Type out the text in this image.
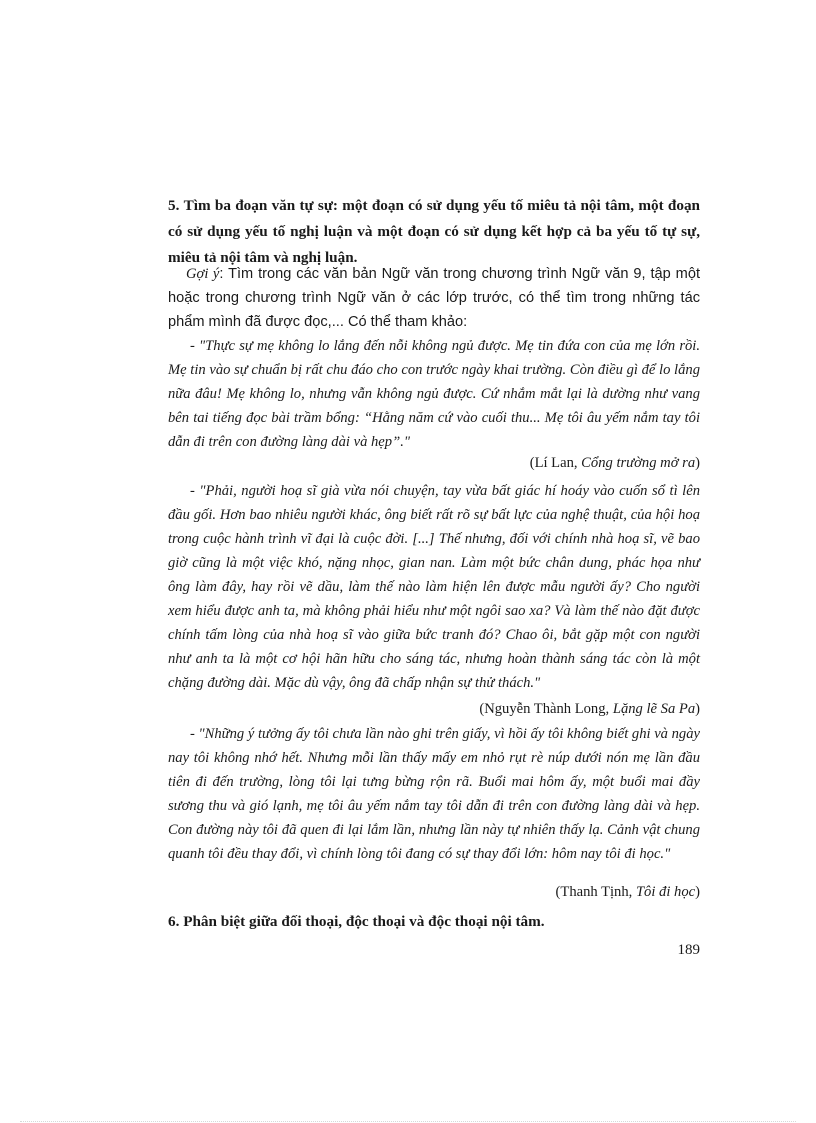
5. Tìm ba đoạn văn tự sự: một đoạn có sử dụng yếu tố miêu tả nội tâm, một đoạn có sử dụng yếu tố nghị luận và một đoạn có sử dụng kết hợp cả ba yếu tố tự sự, miêu tả nội tâm và nghị luận.

Gợi ý: Tìm trong các văn bản Ngữ văn trong chương trình Ngữ văn 9, tập một hoặc trong chương trình Ngữ văn ở các lớp trước, có thể tìm trong những tác phẩm mình đã được đọc,... Có thể tham khảo:

- "Thực sự mẹ không lo lắng đến nỗi không ngủ được. Mẹ tin đứa con của mẹ lớn rồi. Mẹ tin vào sự chuẩn bị rất chu đáo cho con trước ngày khai trường. Còn điều gì để lo lắng nữa đâu! Mẹ không lo, nhưng vẫn không ngủ được. Cứ nhắm mắt lại là dường như vang bên tai tiếng đọc bài trầm bổng: “Hằng năm cứ vào cuối thu... Mẹ tôi âu yếm nắm tay tôi dẫn đi trên con đường làng dài và hẹp”."

(Lí Lan, Cổng trường mở ra)

- "Phải, người hoạ sĩ già vừa nói chuyện, tay vừa bất giác hí hoáy vào cuốn sổ tì lên đầu gối. Hơn bao nhiêu người khác, ông biết rất rõ sự bất lực của nghệ thuật, của hội hoạ trong cuộc hành trình vĩ đại là cuộc đời. [...] Thế nhưng, đối với chính nhà hoạ sĩ, vẽ bao giờ cũng là một việc khó, nặng nhọc, gian nan. Làm một bức chân dung, phác họa như ông làm đây, hay rồi vẽ dầu, làm thế nào làm hiện lên được mẫu người ấy? Cho người xem hiểu được anh ta, mà không phải hiểu như một ngôi sao xa? Và làm thế nào đặt được chính tấm lòng của nhà hoạ sĩ vào giữa bức tranh đó? Chao ôi, bắt gặp một con người như anh ta là một cơ hội hãn hữu cho sáng tác, nhưng hoàn thành sáng tác còn là một chặng đường dài. Mặc dù vậy, ông đã chấp nhận sự thử thách."

(Nguyễn Thành Long, Lặng lẽ Sa Pa)

- "Những ý tưởng ấy tôi chưa lần nào ghi trên giấy, vì hồi ấy tôi không biết ghi và ngày nay tôi không nhớ hết. Nhưng mỗi lần thấy mấy em nhỏ rụt rè núp dưới nón mẹ lần đầu tiên đi đến trường, lòng tôi lại tưng bừng rộn rã. Buổi mai hôm ấy, một buổi mai đầy sương thu và gió lạnh, mẹ tôi âu yếm nắm tay tôi dẫn đi trên con đường làng dài và hẹp. Con đường này tôi đã quen đi lại lắm lần, nhưng lần này tự nhiên thấy lạ. Cảnh vật chung quanh tôi đều thay đổi, vì chính lòng tôi đang có sự thay đổi lớn: hôm nay tôi đi học."

(Thanh Tịnh, Tôi đi học)

6. Phân biệt giữa đối thoại, độc thoại và độc thoại nội tâm.

189
